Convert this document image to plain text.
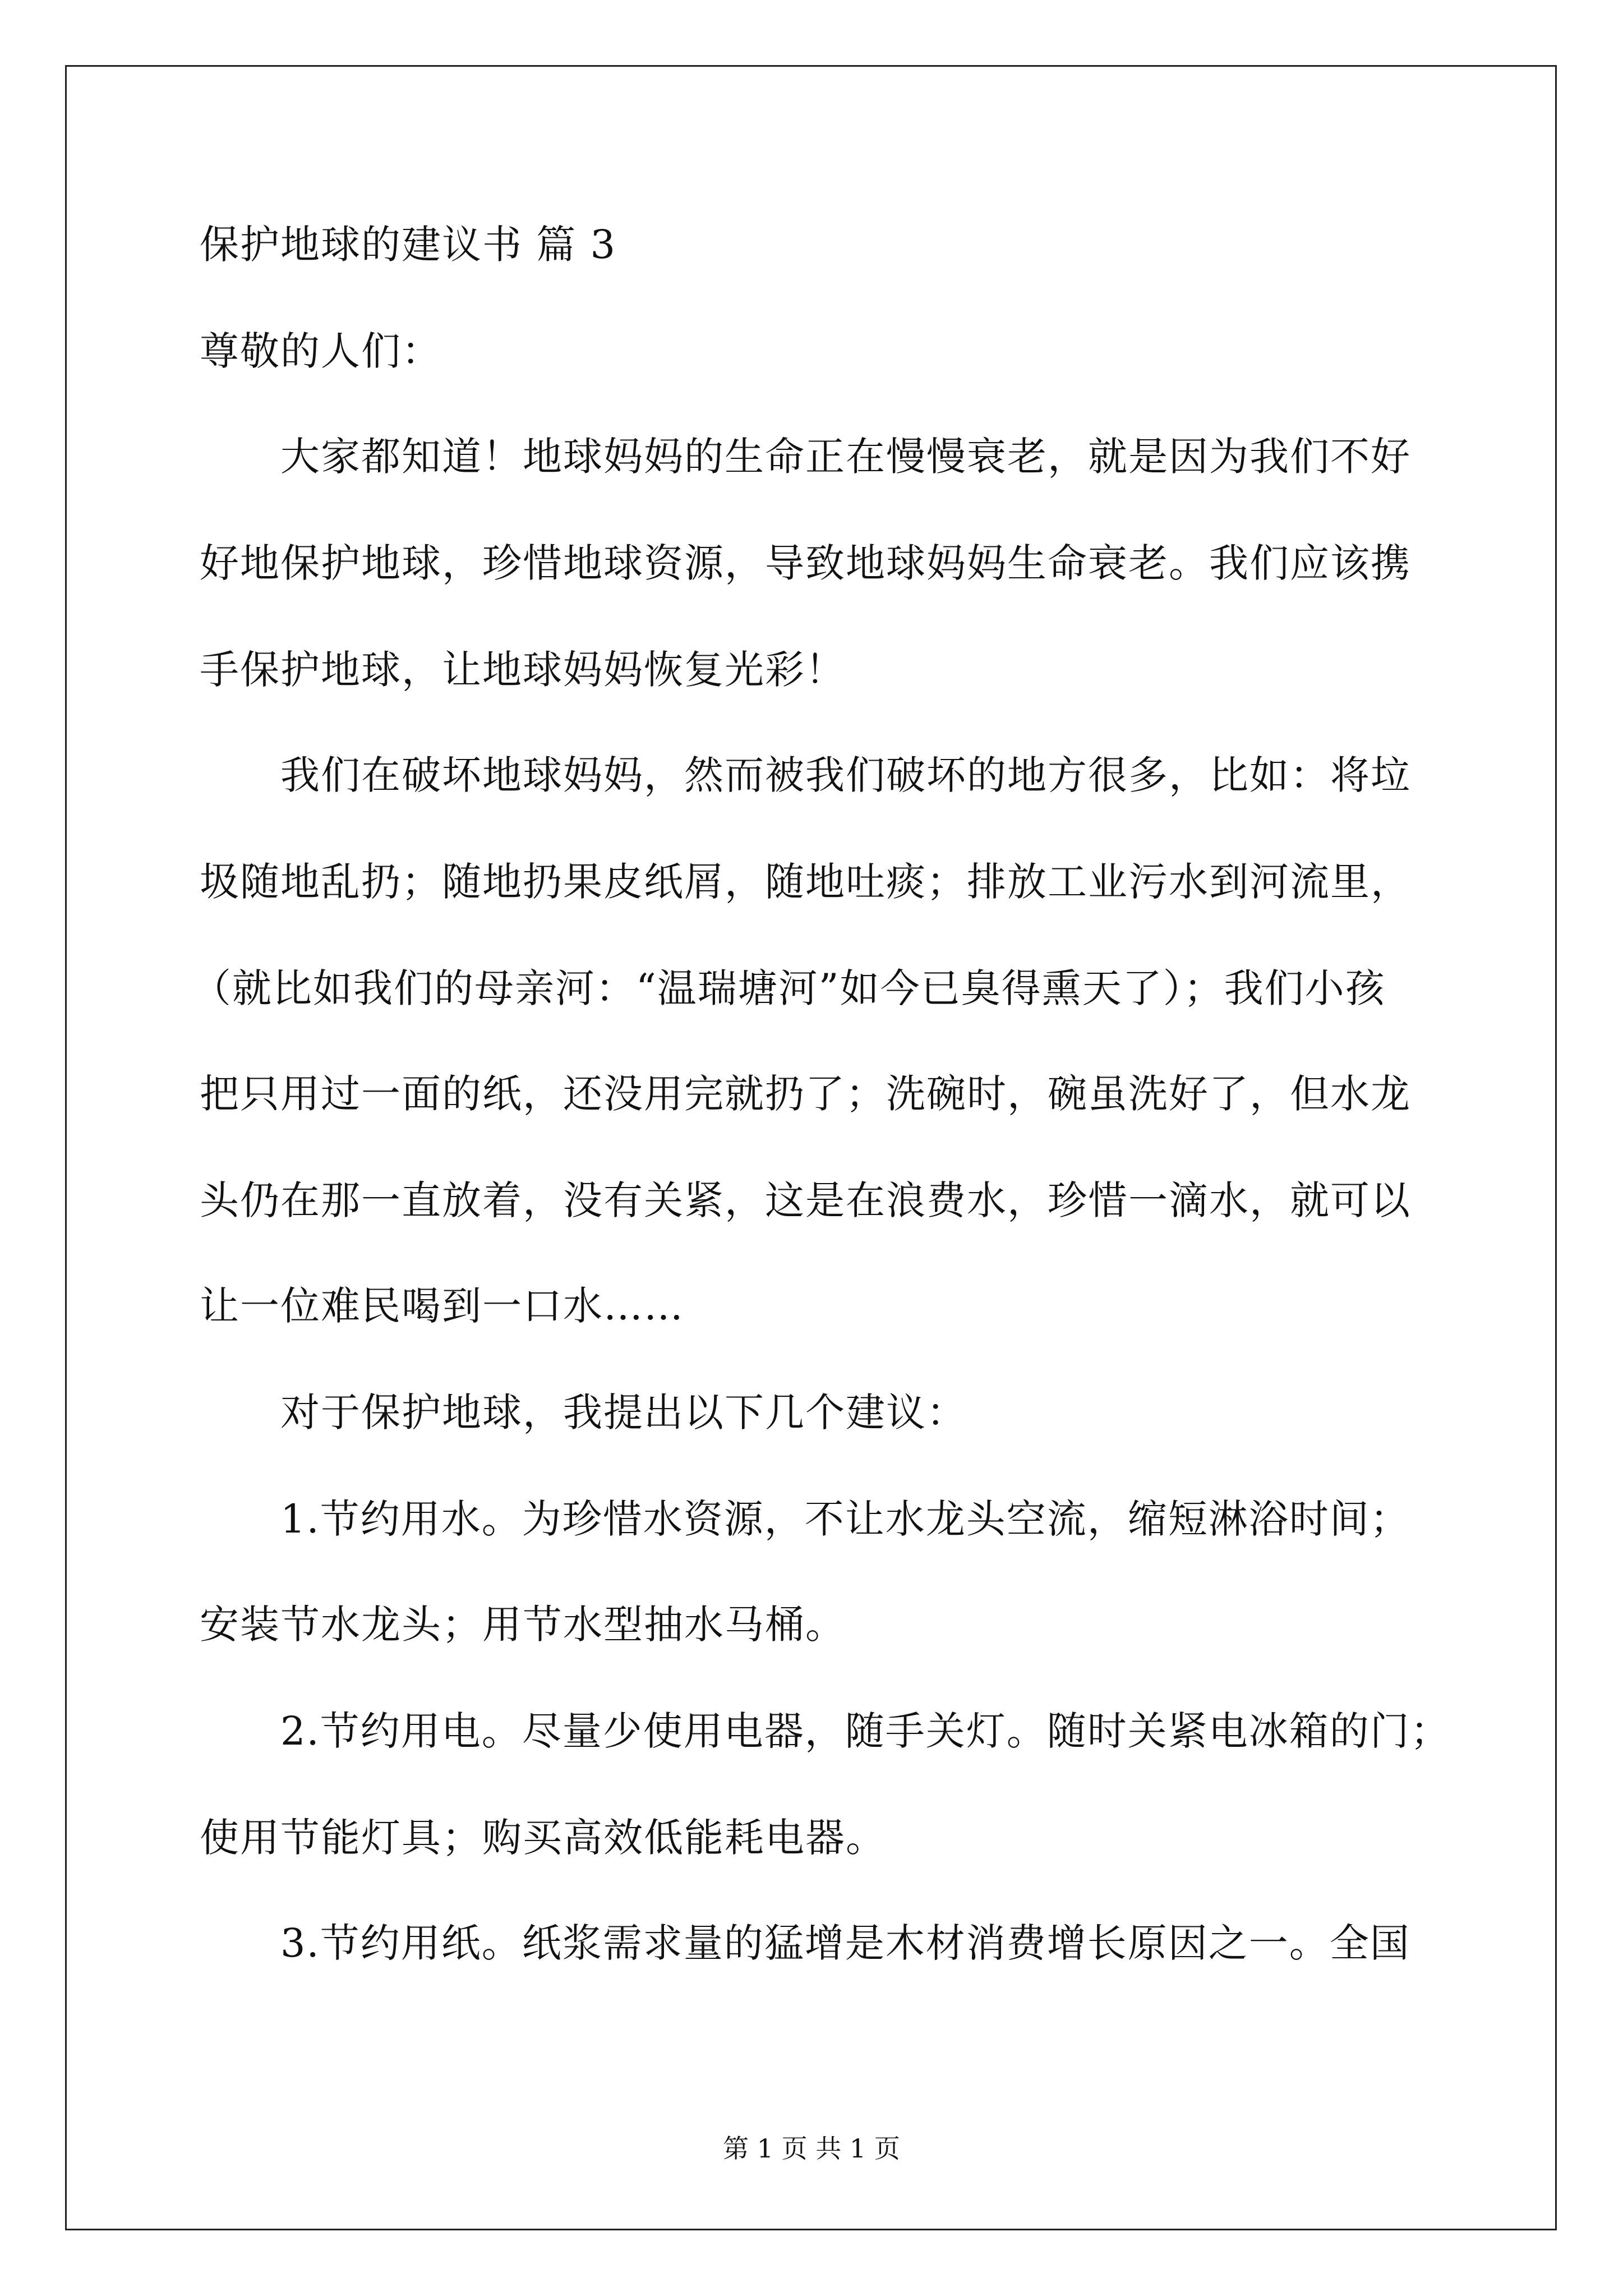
保护地球的建议书 篇 3
尊敬的人们：
大家都知道！地球妈妈的生命正在慢慢衰老，就是因为我们不好
好地保护地球，珍惜地球资源，导致地球妈妈生命衰老。我们应该携
手保护地球，让地球妈妈恢复光彩！
我们在破坏地球妈妈，然而被我们破坏的地方很多，比如：将垃
圾随地乱扔；随地扔果皮纸屑，随地吐痰；排放工业污水到河流里，
（就比如我们的母亲河：“温瑞塘河”如今已臭得熏天了）；我们小孩
把只用过一面的纸，还没用完就扔了；洗碗时，碗虽洗好了，但水龙
头仍在那一直放着，没有关紧，这是在浪费水，珍惜一滴水，就可以
让一位难民喝到一口水……
对于保护地球，我提出以下几个建议：
1.节约用水。为珍惜水资源，不让水龙头空流，缩短淋浴时间；
安装节水龙头；用节水型抽水马桶。
2.节约用电。尽量少使用电器，随手关灯。随时关紧电冰箱的门；
使用节能灯具；购买高效低能耗电器。
3.节约用纸。纸浆需求量的猛增是木材消费增长原因之一。全国
第 1 页 共 1 页
